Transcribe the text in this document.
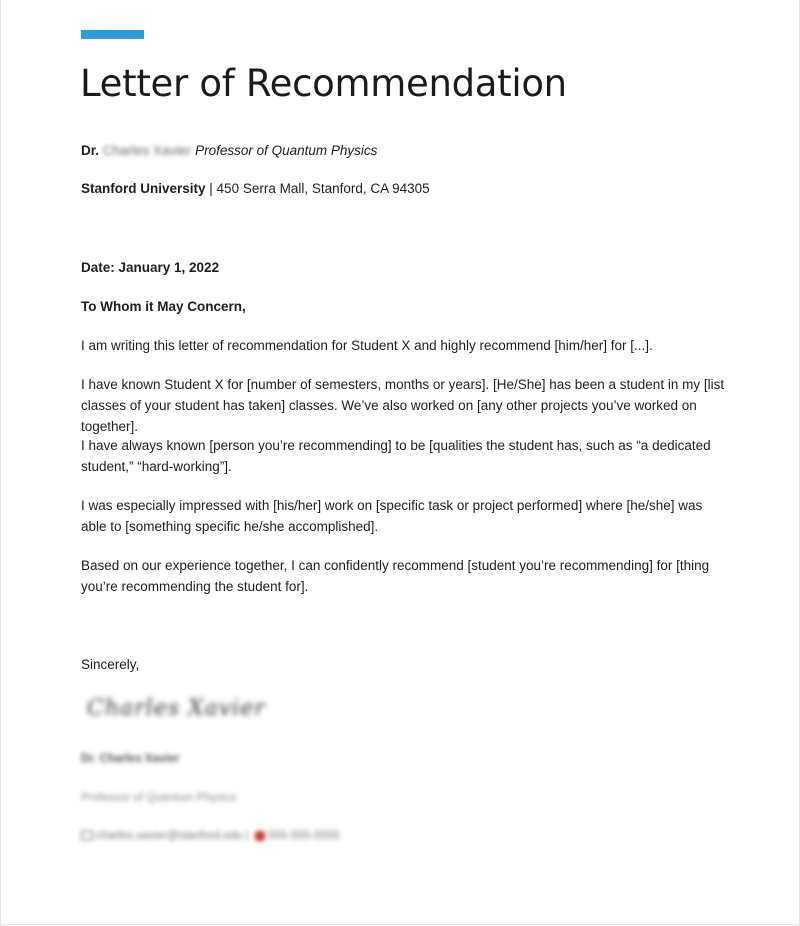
Letter of Recommendation
Dr. Charles Xavier Professor of Quantum Physics
Stanford University | 450 Serra Mall, Stanford, CA 94305
Date: January 1, 2022
To Whom it May Concern,

I am writing this letter of recommendation for Student X and highly recommend [him/her] for [...].

I have known Student X for [number of semesters, months or years]. [He/She] has been a student in my [list classes of your student has taken] classes. We’ve also worked on [any other projects you’ve worked on together].

I have always known [person you’re recommending] to be [qualities the student has, such as “a dedicated student,” “hard-working”].

I was especially impressed with [his/her] work on [specific task or project performed] where [he/she] was able to [something specific he/she accomplished].

Based on our experience together, I can confidently recommend [student you’re recommending] for [thing you’re recommending the student for].

Sincerely,
Charles Xavier
Dr. Charles Xavier
Professor of Quantum Physics
charles.xavier@stanford.edu | 555-555-5555
